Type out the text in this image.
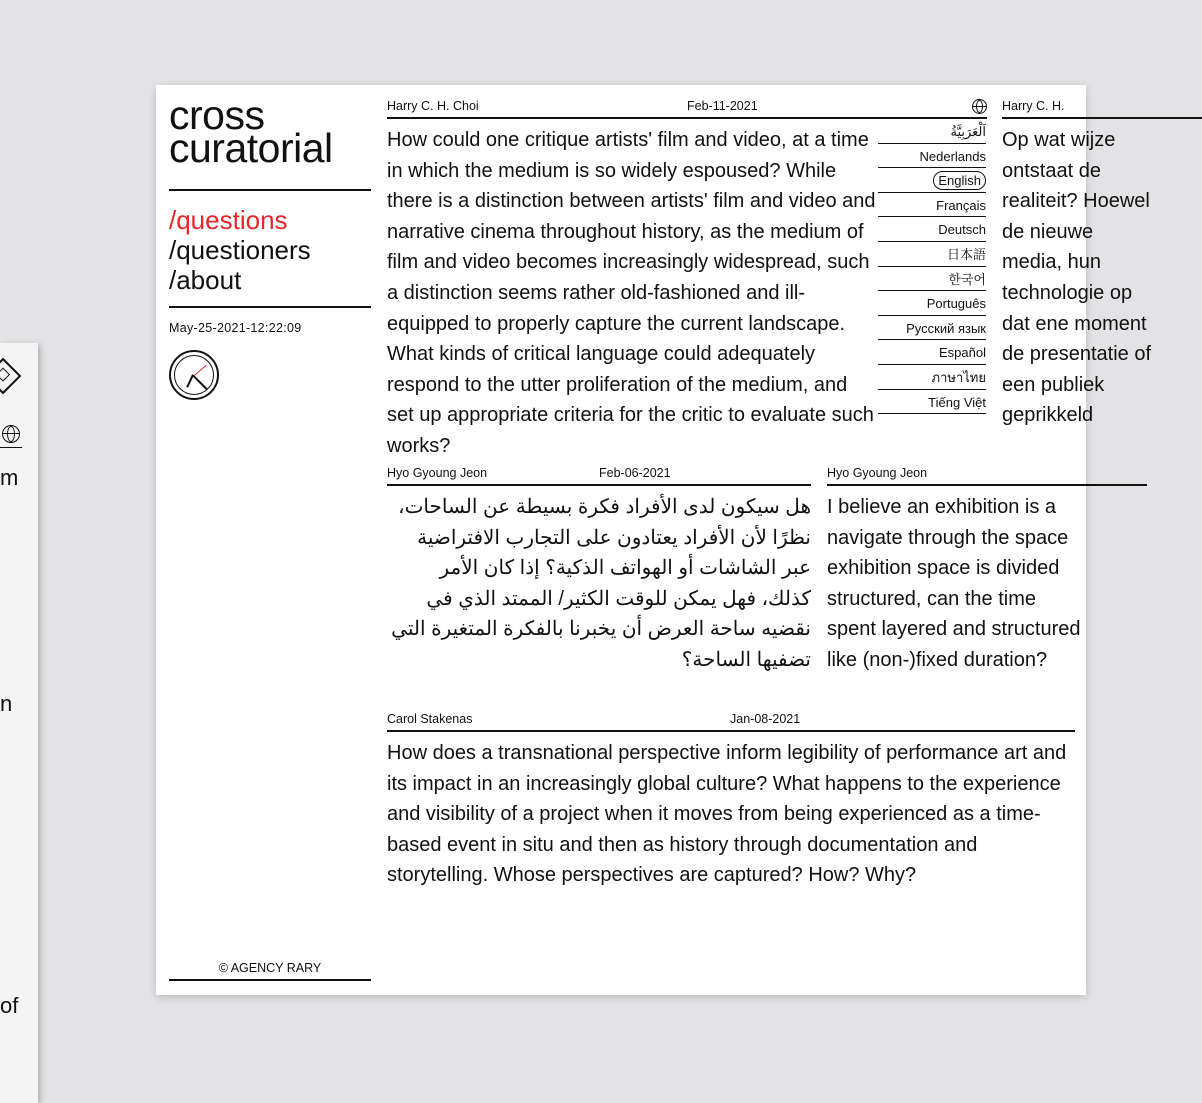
m
n
of
cross
curatorial
/questions
/questioners
/about
May-25-2021-12:22:09
© AGENCY RARY
Harry C. H. Choi	Feb-11-2021
How could one critique artists' film and video, at a time in which the medium is so widely espoused? While there is a distinction between artists' film and video and narrative cinema throughout history, as the medium of film and video becomes increasingly widespread, such a distinction seems rather old-fashioned and ill-equipped to properly capture the current landscape. What kinds of critical language could adequately respond to the utter proliferation of the medium, and set up appropriate criteria for the critic to evaluate such works?
Harry C. H.
Op wat wijze ontstaat de realiteit? Hoewel de nieuwe media, hun technologie op dat ene moment de presentatie of een publiek geprikkeld
Hyo Gyoung Jeon	Feb-06-2021
هل سيكون لدى الأفراد فكرة بسيطة عن الساحات، نظرًا لأن الأفراد يعتادون على التجارب الافتراضية عبر الشاشات أو الهواتف الذكية؟ إذا كان الأمر كذلك، فهل يمكن للوقت الكثير/ الممتد الذي في نقضيه ساحة العرض أن يخبرنا بالفكرة المتغيرة التي تضفيها الساحة؟
Hyo Gyoung Jeon
I believe an exhibition is a navigate through the space exhibition space is divided structured, can the time spent layered and structured like (non-)fixed duration?
Carol Stakenas	Jan-08-2021
How does a transnational perspective inform legibility of performance art and its impact in an increasingly global culture? What happens to the experience and visibility of a project when it moves from being experienced as a time-based event in situ and then as history through documentation and storytelling. Whose perspectives are captured? How? Why?
اَلْعَرَبِيَّةُ
Nederlands
English
Français
Deutsch
日本語
한국어
Português
Русский язык
Español
ภาษาไทย
Tiếng Việt
